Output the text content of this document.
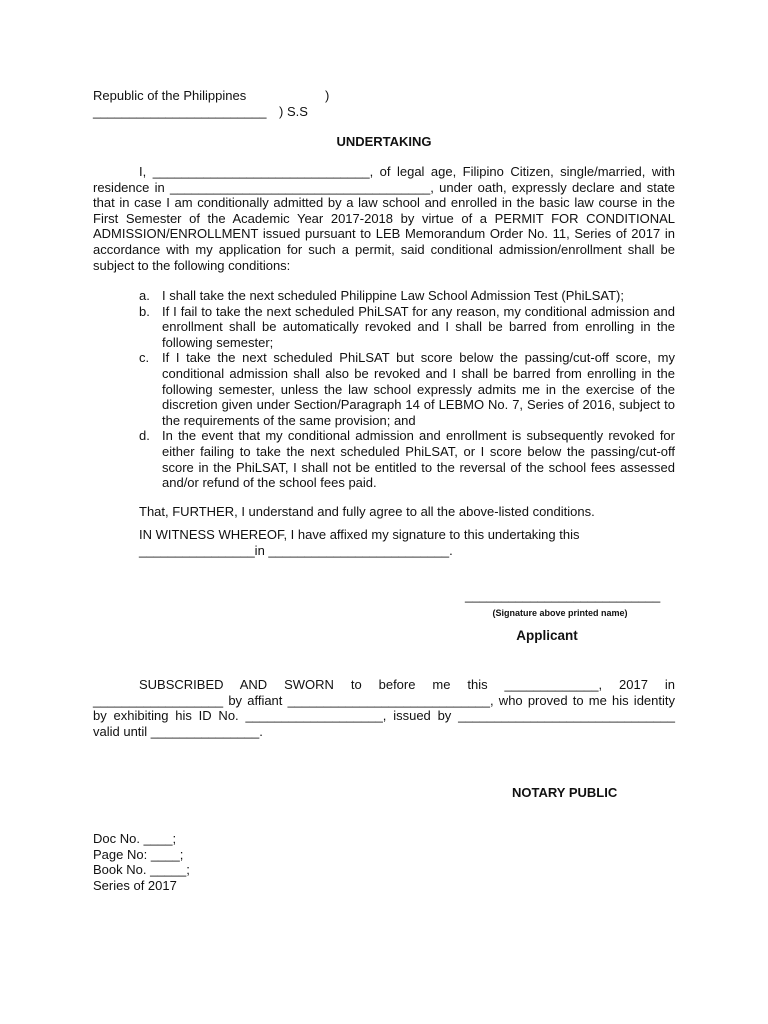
Republic of the Philippines	)
________________________ ) S.S
UNDERTAKING

I, ______________________________, of legal age, Filipino Citizen, single/married, with residence in ____________________________________, under oath, expressly declare and state that in case I am conditionally admitted by a law school and enrolled in the basic law course in the First Semester of the Academic Year 2017-2018 by virtue of a PERMIT FOR CONDITIONAL ADMISSION/ENROLLMENT issued pursuant to LEB Memorandum Order No. 11, Series of 2017 in accordance with my application for such a permit, said conditional admission/enrollment shall be subject to the following conditions:

a. I shall take the next scheduled Philippine Law School Admission Test (PhiLSAT);
b. If I fail to take the next scheduled PhiLSAT for any reason, my conditional admission and enrollment shall be automatically revoked and I shall be barred from enrolling in the following semester;
c. If I take the next scheduled PhiLSAT but score below the passing/cut-off score, my conditional admission shall also be revoked and I shall be barred from enrolling in the following semester, unless the law school expressly admits me in the exercise of the discretion given under Section/Paragraph 14 of LEBMO No. 7, Series of 2016, subject to the requirements of the same provision; and
d. In the event that my conditional admission and enrollment is subsequently revoked for either failing to take the next scheduled PhiLSAT, or I score below the passing/cut-off score in the PhiLSAT, I shall not be entitled to the reversal of the school fees assessed and/or refund of the school fees paid.
That, FURTHER, I understand and fully agree to all the above-listed conditions.
IN WITNESS WHEREOF, I have affixed my signature to this undertaking this
________________in _________________________.
___________________________
(Signature above printed name)
Applicant

SUBSCRIBED AND SWORN to before me this _____________, 2017 in __________________ by affiant ____________________________, who proved to me his identity by exhibiting his ID No. ___________________, issued by ______________________________ valid until _______________.

NOTARY PUBLIC
Doc No. ____;
Page No: ____;
Book No. _____;
Series of 2017
